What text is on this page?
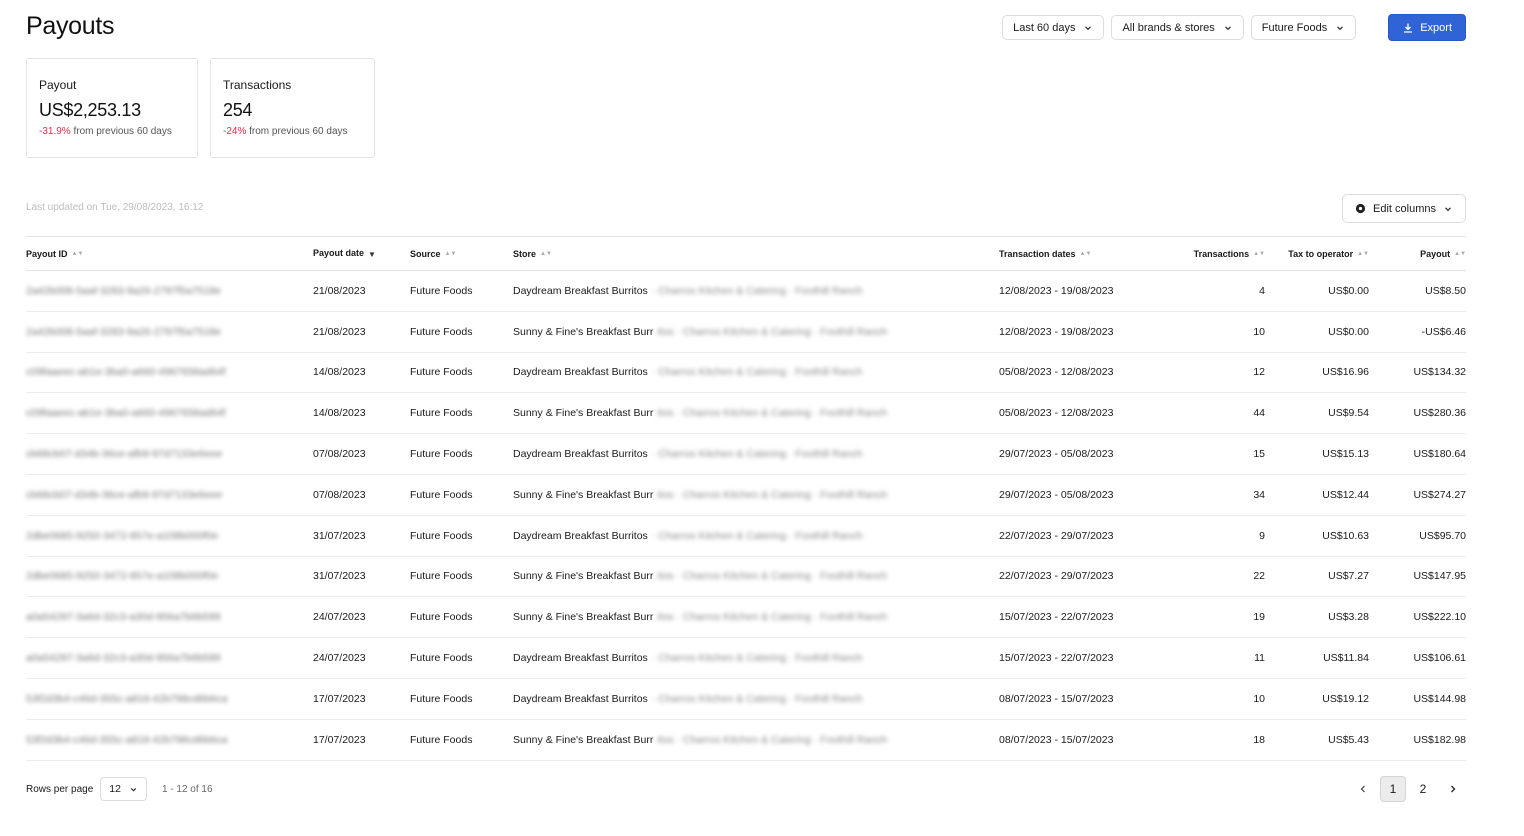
Payouts	Last 60 days	All brands & stores	Future Foods	Export
Payout
US$2,253.13
-31.9% from previous 60 days
Transactions
254
-24% from previous 60 days
Last updated on Tue, 29/08/2023, 16:12	Edit columns
Payout ID ▲▼	Payout date ▼	Source ▲▼	Store ▲▼	Transaction dates ▲▼	Transactions ▲▼	Tax to operator ▲▼	Payout ▲▼
2a42b008-5aaf-3283-9a26-2797f5a7518e	21/08/2023	Future Foods	Daydream Breakfast Burritos · Charros Kitchen & Catering · Foothill Ranch	12/08/2023 - 19/08/2023	4	US$0.00	US$8.50
2a42b008-5aaf-3283-9a26-2797f5a7518e	21/08/2023	Future Foods	Sunny & Fine's Breakfast Burr itos · Charros Kitchen & Catering · Foothill Ranch	12/08/2023 - 19/08/2023	10	US$0.00	-US$6.46
c09faaeec-ab1e-3ba0-a660-4967658ad64f	14/08/2023	Future Foods	Daydream Breakfast Burritos · Charros Kitchen & Catering · Foothill Ranch	05/08/2023 - 12/08/2023	12	US$16.96	US$134.32
c09faaeec-ab1e-3ba0-a660-4967658ad64f	14/08/2023	Future Foods	Sunny & Fine's Breakfast Burr itos · Charros Kitchen & Catering · Foothill Ranch	05/08/2023 - 12/08/2023	44	US$9.54	US$280.36
cb68cb07-d34b-36ce-afb9-97d7133e6eee	07/08/2023	Future Foods	Daydream Breakfast Burritos · Charros Kitchen & Catering · Foothill Ranch	29/07/2023 - 05/08/2023	15	US$15.13	US$180.64
cb68cb07-d34b-36ce-afb9-97d7133e6eee	07/08/2023	Future Foods	Sunny & Fine's Breakfast Burr itos · Charros Kitchen & Catering · Foothill Ranch	29/07/2023 - 05/08/2023	34	US$12.44	US$274.27
2dbe0685-9250-3472-957e-a108b000f0e	31/07/2023	Future Foods	Daydream Breakfast Burritos · Charros Kitchen & Catering · Foothill Ranch	22/07/2023 - 29/07/2023	9	US$10.63	US$95.70
2dbe0685-9250-3472-957e-a108b000f0e	31/07/2023	Future Foods	Sunny & Fine's Breakfast Burr itos · Charros Kitchen & Catering · Foothill Ranch	22/07/2023 - 29/07/2023	22	US$7.27	US$147.95
a0a54297-3a6d-32c3-a30d-956a7b6b599	24/07/2023	Future Foods	Sunny & Fine's Breakfast Burr itos · Charros Kitchen & Catering · Foothill Ranch	15/07/2023 - 22/07/2023	19	US$3.28	US$222.10
a0a54297-3a6d-32c3-a30d-956a7b6b599	24/07/2023	Future Foods	Daydream Breakfast Burritos · Charros Kitchen & Catering · Foothill Ranch	15/07/2023 - 22/07/2023	11	US$11.84	US$106.61
53f2d3b4-c46d-355c-a818-42b798cd6b6ca	17/07/2023	Future Foods	Daydream Breakfast Burritos · Charros Kitchen & Catering · Foothill Ranch	08/07/2023 - 15/07/2023	10	US$19.12	US$144.98
53f2d3b4-c46d-355c-a818-42b798cd6b6ca	17/07/2023	Future Foods	Sunny & Fine's Breakfast Burr itos · Charros Kitchen & Catering · Foothill Ranch	08/07/2023 - 15/07/2023	18	US$5.43	US$182.98
Rows per page 12	1 - 12 of 16	1	2
